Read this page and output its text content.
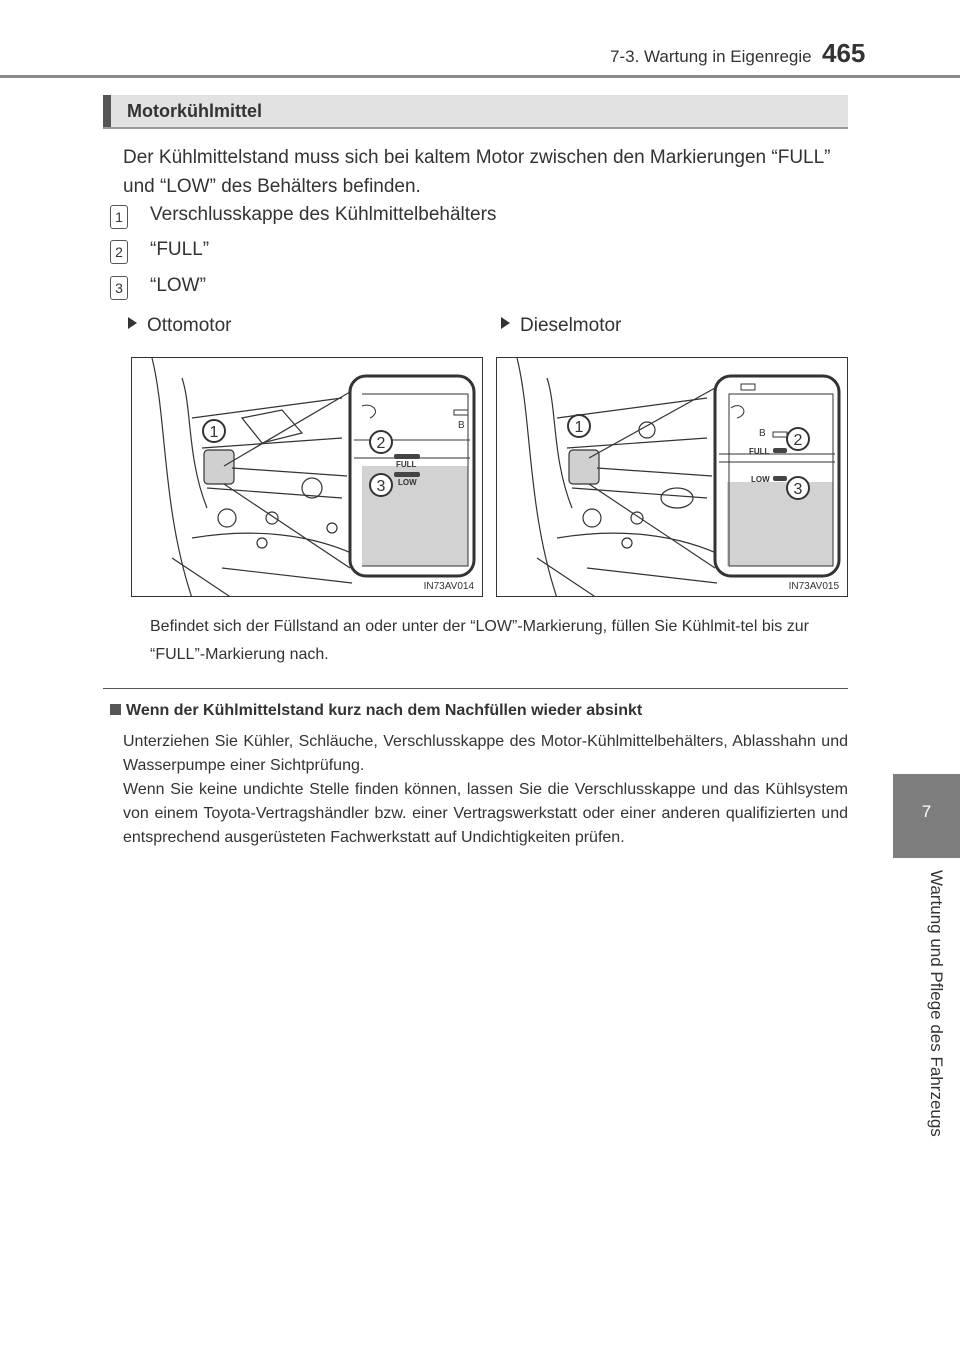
7-3. Wartung in Eigenregie 465
7
Wartung und Pflege des Fahrzeugs
Motorkühlmittel
Der Kühlmittelstand muss sich bei kaltem Motor zwischen den Markierungen “FULL” und “LOW” des Behälters befinden.
1 Verschlusskappe des Kühlmittelbehälters
2 “FULL”
3 “LOW”
Ottomotor	Dieselmotor
1
2
3
B
FULL
LOW
IN73AV014
1
2
3
B
FULL
LOW
IN73AV015
Befindet sich der Füllstand an oder unter der “LOW”-Markierung, füllen Sie Kühlmit-tel bis zur “FULL”-Markierung nach.
Wenn der Kühlmittelstand kurz nach dem Nachfüllen wieder absinkt
Unterziehen Sie Kühler, Schläuche, Verschlusskappe des Motor-Kühlmittelbehälters, Ablasshahn und Wasserpumpe einer Sichtprüfung.
Wenn Sie keine undichte Stelle finden können, lassen Sie die Verschlusskappe und das Kühlsystem von einem Toyota-Vertragshändler bzw. einer Vertragswerkstatt oder einer anderen qualifizierten und entsprechend ausgerüsteten Fachwerkstatt auf Undichtigkeiten prüfen.
